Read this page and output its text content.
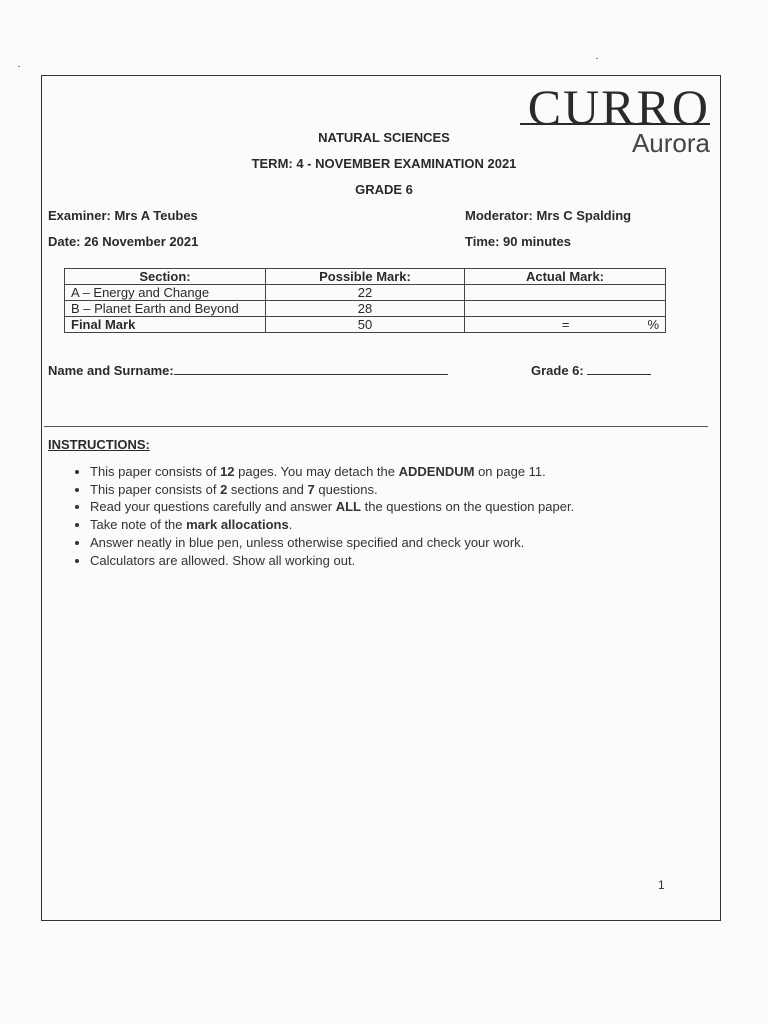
CURRO
Aurora
NATURAL SCIENCES
TERM: 4 - NOVEMBER EXAMINATION 2021
GRADE 6
Examiner: Mrs A Teubes	Moderator: Mrs C Spalding
Date: 26 November 2021	Time: 90 minutes
Section:	Possible Mark:	Actual Mark:
A – Energy and Change	22	
B – Planet Earth and Beyond	28	
Final Mark	50	= %
Name and Surname:	Grade 6:
INSTRUCTIONS:
• This paper consists of 12 pages. You may detach the ADDENDUM on page 11.
• This paper consists of 2 sections and 7 questions.
• Read your questions carefully and answer ALL the questions on the question paper.
• Take note of the mark allocations.
• Answer neatly in blue pen, unless otherwise specified and check your work.
• Calculators are allowed. Show all working out.
1
